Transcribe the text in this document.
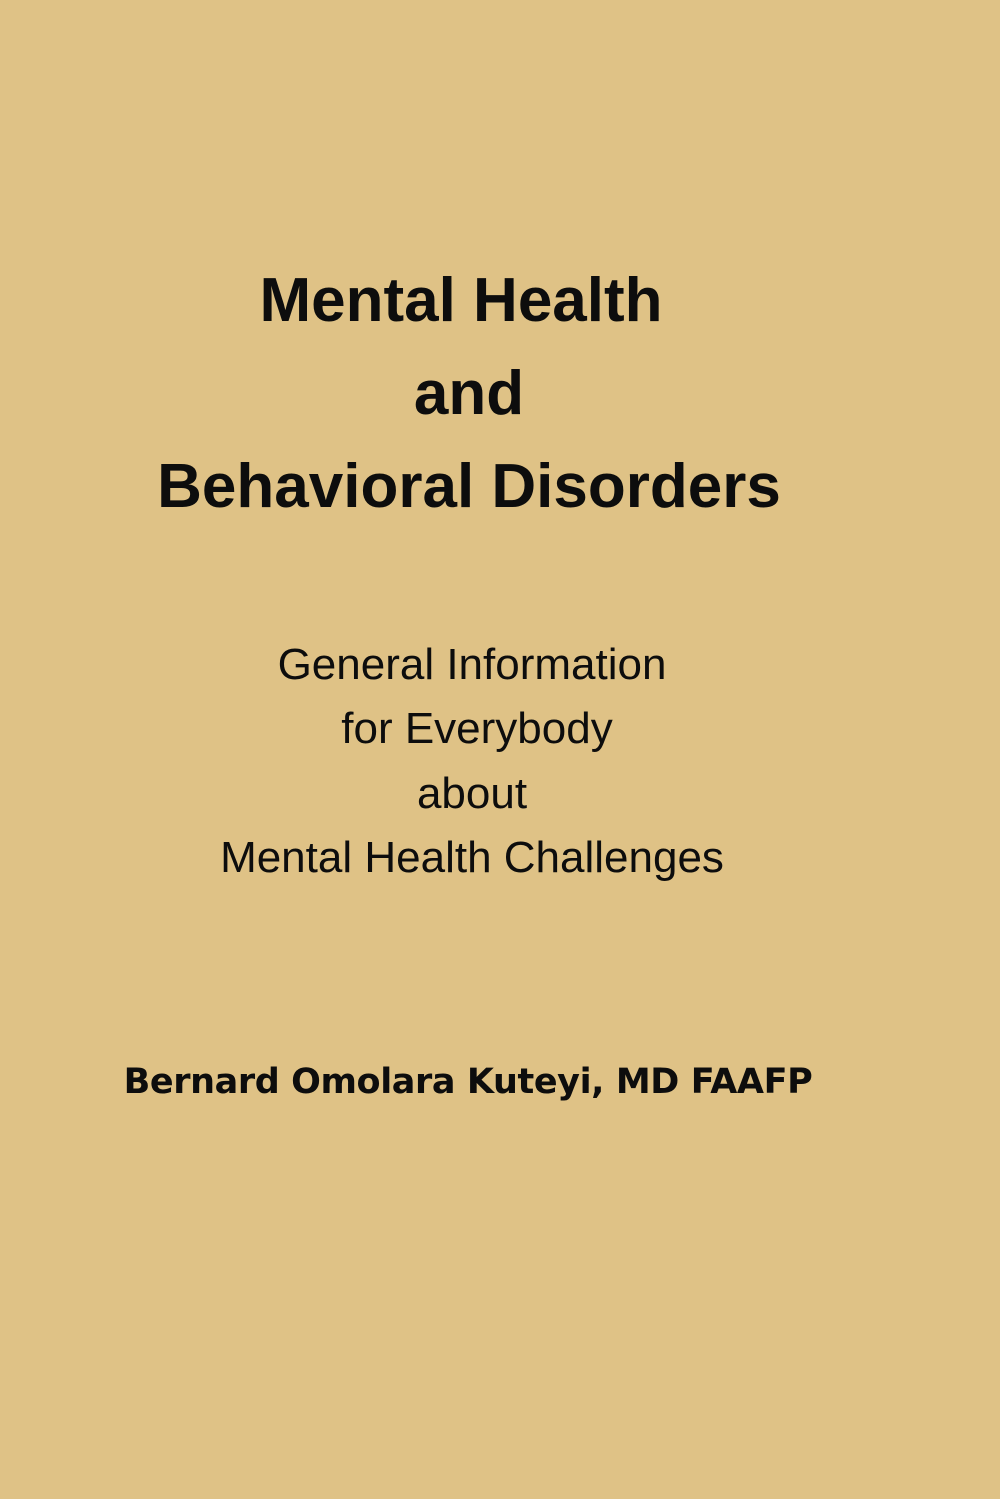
Mental Health
and
Behavioral Disorders
General Information
for Everybody
about
Mental Health Challenges
Bernard Omolara Kuteyi, MD FAAFP
